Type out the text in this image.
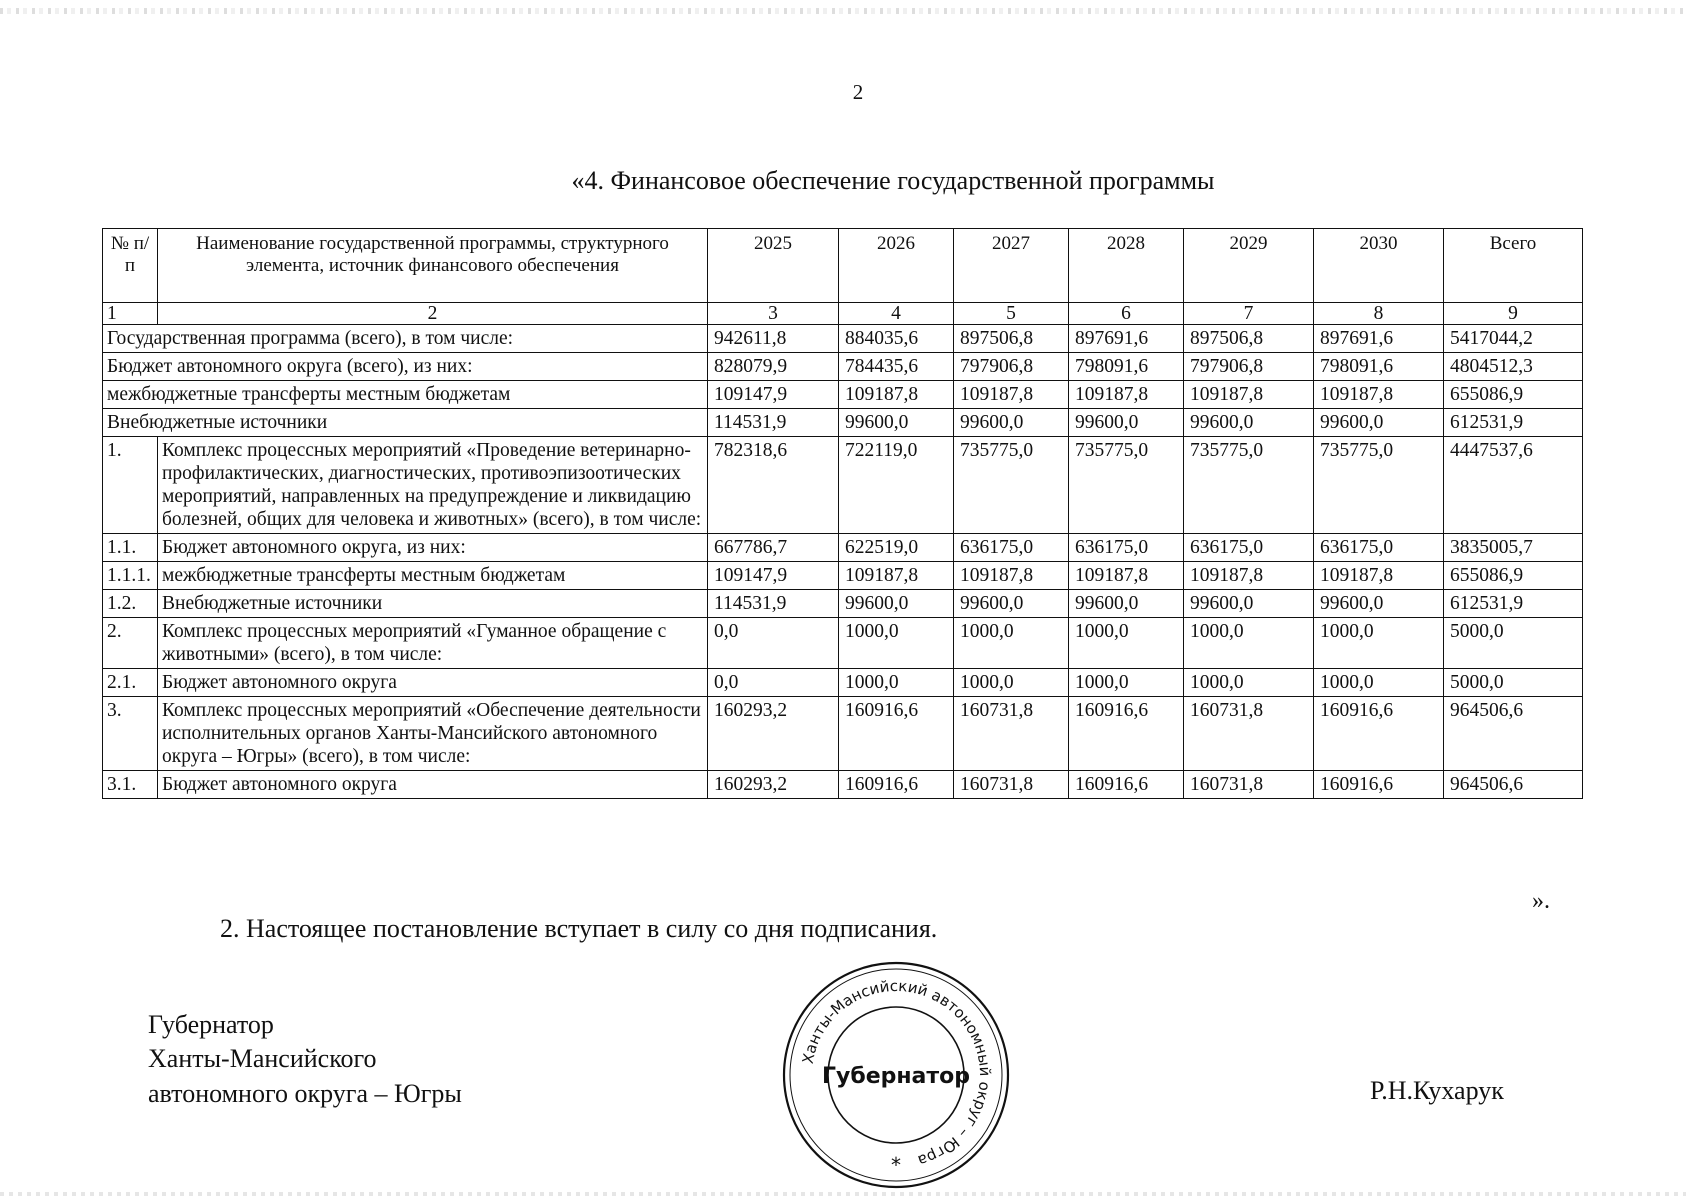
2
«4. Финансовое обеспечение государственной программы
№ п/п	Наименование государственной программы, структурного элемента, источник финансового обеспечения	2025	2026	2027	2028	2029	2030	Всего
1	2	3	4	5	6	7	8	9
Государственная программа (всего), в том числе:		942611,8	884035,6	897506,8	897691,6	897506,8	897691,6	5417044,2
Бюджет автономного округа (всего), из них:		828079,9	784435,6	797906,8	798091,6	797906,8	798091,6	4804512,3
межбюджетные трансферты местным бюджетам		109147,9	109187,8	109187,8	109187,8	109187,8	109187,8	655086,9
Внебюджетные источники		114531,9	99600,0	99600,0	99600,0	99600,0	99600,0	612531,9
1.	Комплекс процессных мероприятий «Проведение ветеринарно-профилактических, диагностических, противоэпизоотических мероприятий, направленных на предупреждение и ликвидацию болезней, общих для человека и животных» (всего), в том числе:	782318,6	722119,0	735775,0	735775,0	735775,0	735775,0	4447537,6
1.1.	Бюджет автономного округа, из них:	667786,7	622519,0	636175,0	636175,0	636175,0	636175,0	3835005,7
1.1.1.	межбюджетные трансферты местным бюджетам	109147,9	109187,8	109187,8	109187,8	109187,8	109187,8	655086,9
1.2.	Внебюджетные источники	114531,9	99600,0	99600,0	99600,0	99600,0	99600,0	612531,9
2.	Комплекс процессных мероприятий «Гуманное обращение с животными» (всего), в том числе:	0,0	1000,0	1000,0	1000,0	1000,0	1000,0	5000,0
2.1.	Бюджет автономного округа	0,0	1000,0	1000,0	1000,0	1000,0	1000,0	5000,0
3.	Комплекс процессных мероприятий «Обеспечение деятельности исполнительных органов Ханты-Мансийского автономного округа – Югры» (всего), в том числе:	160293,2	160916,6	160731,8	160916,6	160731,8	160916,6	964506,6
3.1.	Бюджет автономного округа	160293,2	160916,6	160731,8	160916,6	160731,8	160916,6	964506,6
».
2. Настоящее постановление вступает в силу со дня подписания.
Губернатор
Ханты-Мансийского
автономного округа – Югры
Ханты-Мансийский автономный округ – Югра
Губернатор
*
Р.Н.Кухарук
